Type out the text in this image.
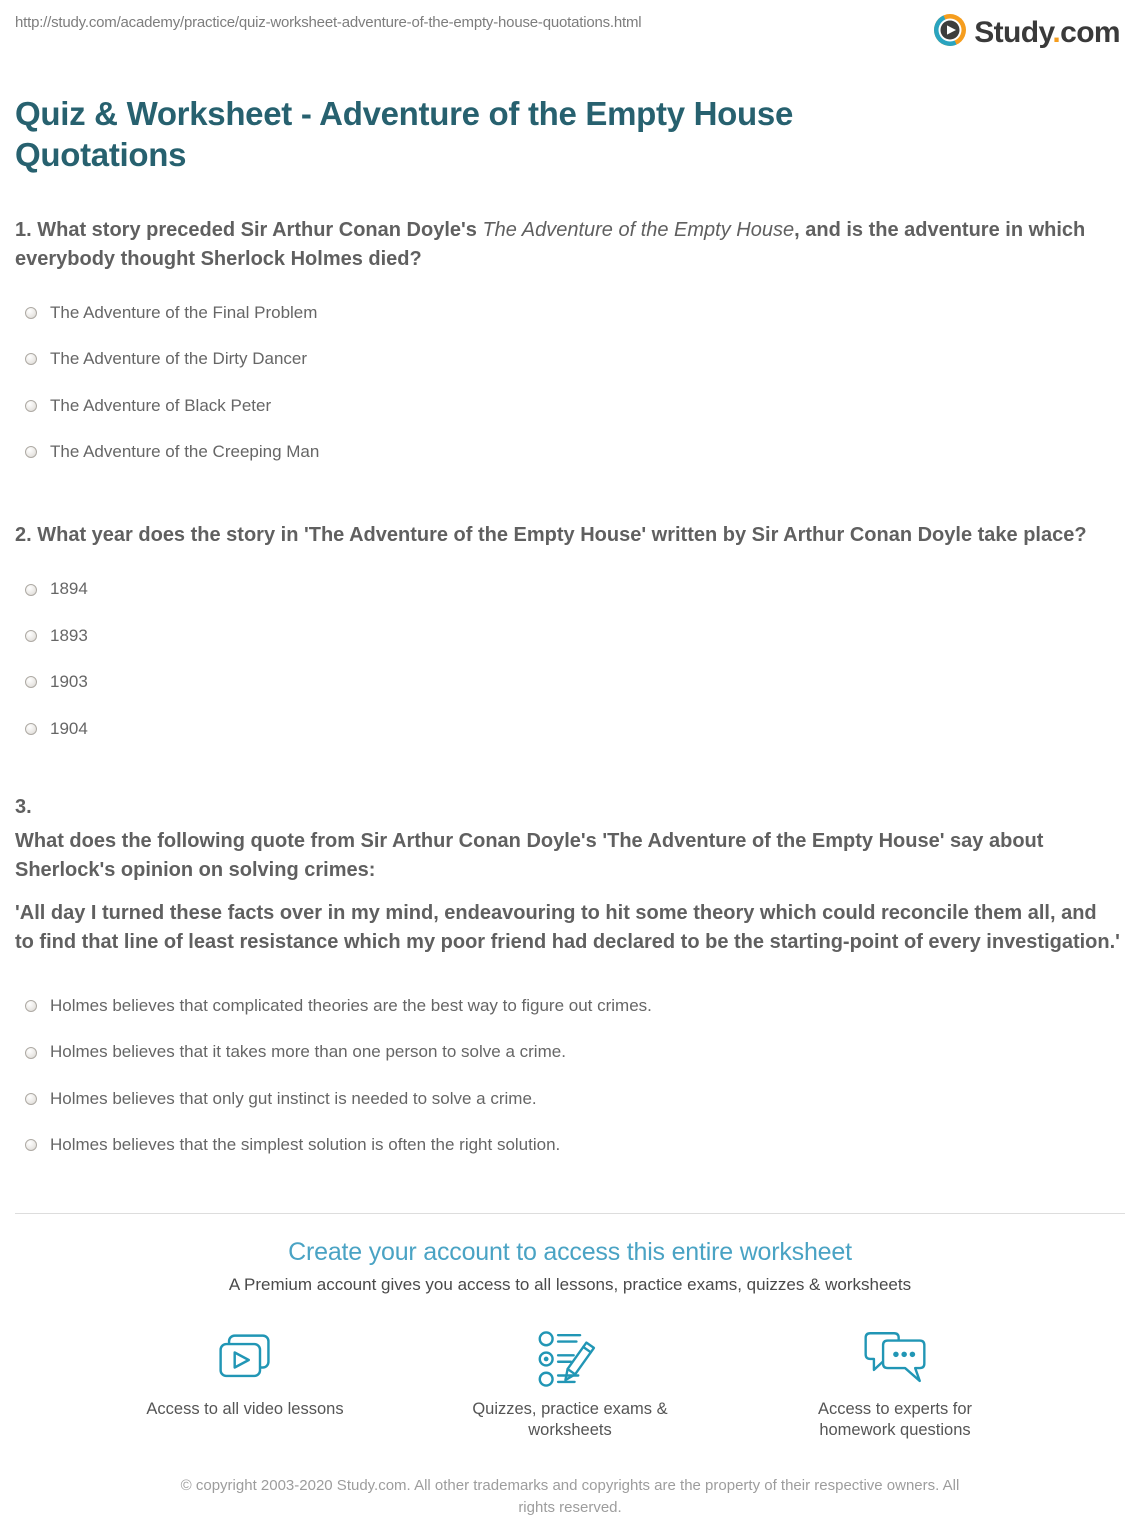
http://study.com/academy/practice/quiz-worksheet-adventure-of-the-empty-house-quotations.html	Study.com
Quiz & Worksheet - Adventure of the Empty House Quotations

1. What story preceded Sir Arthur Conan Doyle's The Adventure of the Empty House, and is the adventure in which everybody thought Sherlock Holmes died?

The Adventure of the Final Problem
The Adventure of the Dirty Dancer
The Adventure of Black Peter
The Adventure of the Creeping Man

2. What year does the story in 'The Adventure of the Empty House' written by Sir Arthur Conan Doyle take place?

1894
1893
1903
1904

3.

What does the following quote from Sir Arthur Conan Doyle's 'The Adventure of the Empty House' say about Sherlock's opinion on solving crimes:

'All day I turned these facts over in my mind, endeavouring to hit some theory which could reconcile them all, and to find that line of least resistance which my poor friend had declared to be the starting-point of every investigation.'

Holmes believes that complicated theories are the best way to figure out crimes.
Holmes believes that it takes more than one person to solve a crime.
Holmes believes that only gut instinct is needed to solve a crime.
Holmes believes that the simplest solution is often the right solution.
Create your account to access this entire worksheet
A Premium account gives you access to all lessons, practice exams, quizzes & worksheets
Access to all video lessons	Quizzes, practice exams & worksheets
Access to experts for homework questions
© copyright 2003-2020 Study.com. All other trademarks and copyrights are the property of their respective owners. All rights reserved.
